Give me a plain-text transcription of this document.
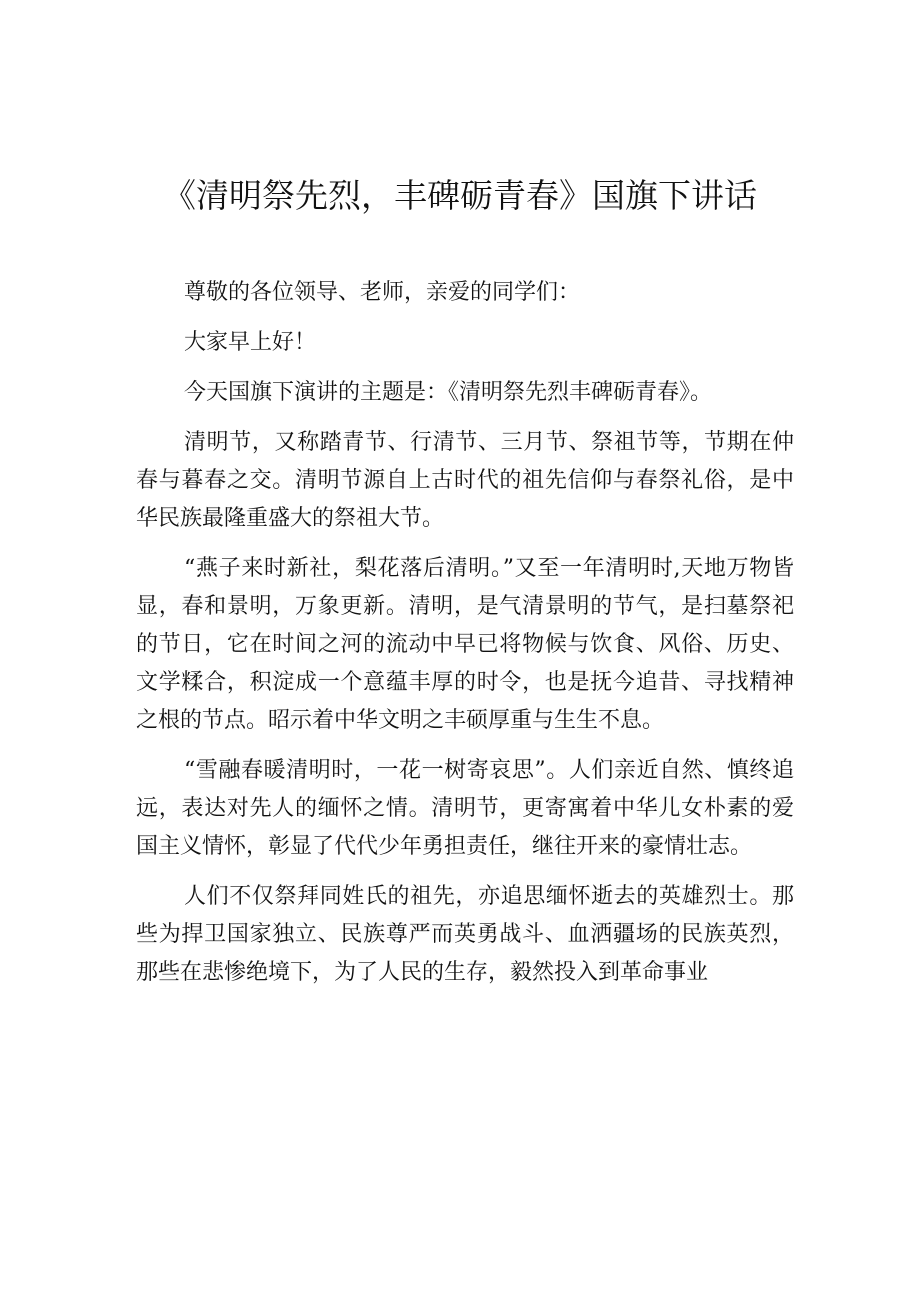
《清明祭先烈，丰碑砺青春》国旗下讲话

尊敬的各位领导、老师，亲爱的同学们：

大家早上好！

今天国旗下演讲的主题是：《清明祭先烈丰碑砺青春》。

清明节，又称踏青节、行清节、三月节、祭祖节等，节期在仲春与暮春之交。清明节源自上古时代的祖先信仰与春祭礼俗，是中华民族最隆重盛大的祭祖大节。

“燕子来时新社，梨花落后清明。”又至一年清明时,天地万物皆显，春和景明，万象更新。清明，是气清景明的节气，是扫墓祭祀的节日，它在时间之河的流动中早已将物候与饮食、风俗、历史、文学糅合，积淀成一个意蕴丰厚的时令，也是抚今追昔、寻找精神之根的节点。昭示着中华文明之丰硕厚重与生生不息。

“雪融春暖清明时，一花一树寄哀思”。人们亲近自然、慎终追远，表达对先人的缅怀之情。清明节，更寄寓着中华儿女朴素的爱国主义情怀，彰显了代代少年勇担责任，继往开来的豪情壮志。

人们不仅祭拜同姓氏的祖先，亦追思缅怀逝去的英雄烈士。那些为捍卫国家独立、民族尊严而英勇战斗、血洒疆场的民族英烈，那些在悲惨绝境下，为了人民的生存，毅然投入到革命事业
